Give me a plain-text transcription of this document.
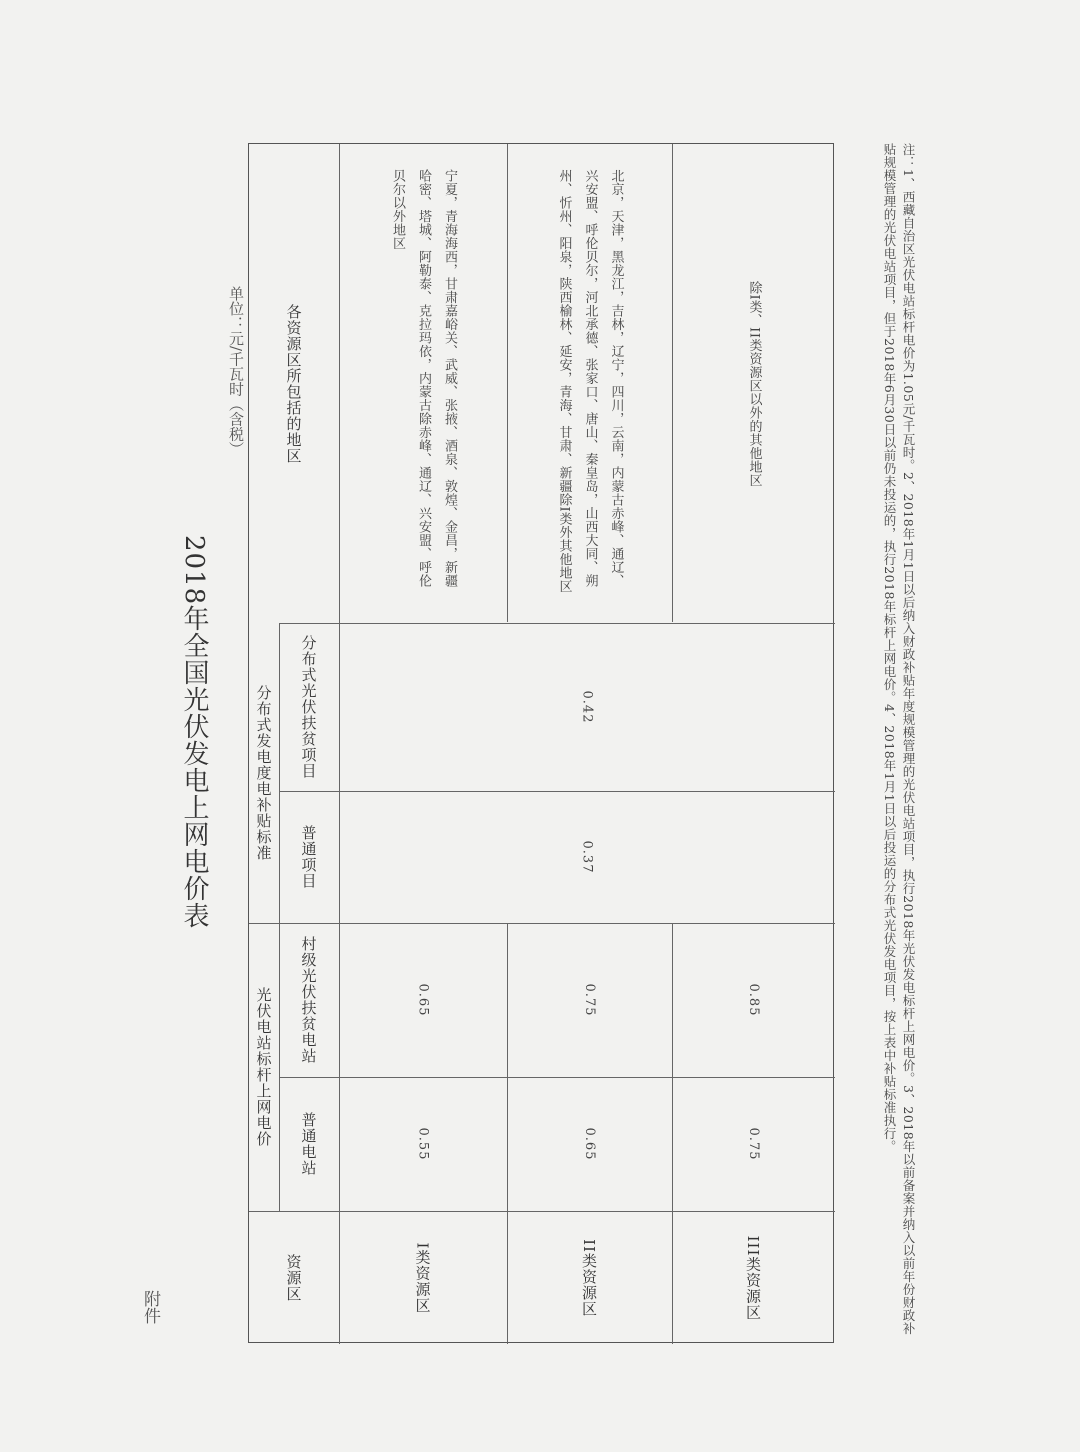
附件
2018年全国光伏发电上网电价表
单位：元/千瓦时（含税）
资源区
光伏电站标杆上网电价 普通电站
村级光伏扶贫电站
分布式发电度电补贴标准 普通项目
分布式光伏扶贫项目
各资源区所包括的地区
I类资源区
0.55
0.65
宁夏，青海海西，甘肃嘉峪关、武威、张掖、酒泉、敦煌、金昌，新疆哈密、塔城、阿勒泰、克拉玛依，内蒙古除赤峰、通辽、兴安盟、呼伦贝尔以外地区
II类资源区
0.65
0.75
北京，天津，黑龙江，吉林，辽宁，四川，云南，内蒙古赤峰、通辽、兴安盟、呼伦贝尔，河北承德、张家口、唐山、秦皇岛，山西大同、朔州、忻州、阳泉，陕西榆林、延安，青海、甘肃、新疆除I类外其他地区
III类资源区
0.75
0.85
除I类、II类资源区以外的其他地区
0.37
0.42	注：1、西藏自治区光伏电站标杆电价为1.05元/千瓦时。2、2018年1月1日以后纳入财政补贴年度规模管理的光伏电站项目，执行2018年光伏发电标杆上网电价。3、2018年以前备案并纳入以前年份财政补贴规模管理的光伏电站项目，但于2018年6月30日以前仍未投运的，执行2018年标杆上网电价。4、2018年1月1日以后投运的分布式光伏发电项目，按上表中补贴标准执行。
